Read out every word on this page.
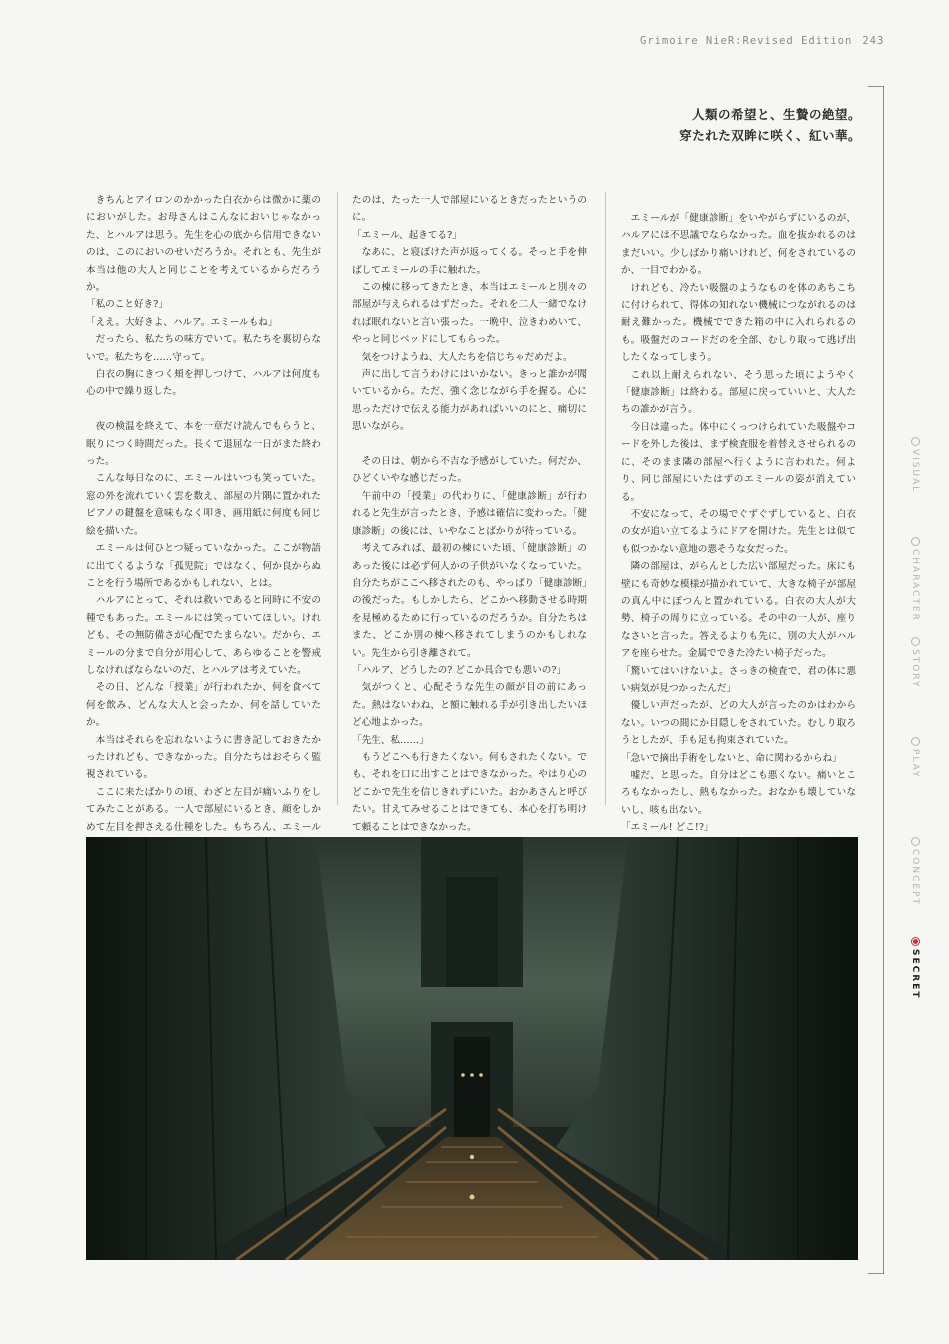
Grimoire NieR:Revised Edition 243
人類の希望と、生贄の絶望。
穿たれた双眸に咲く、紅い華。

きちんとアイロンのかかった白衣からは微かに薬のにおいがした。お母さんはこんなにおいじゃなかった、とハルアは思う。先生を心の底から信用できないのは、このにおいのせいだろうか。それとも、先生が本当は他の大人と同じことを考えているからだろうか。

「私のこと好き?」

「ええ。大好きよ、ハルア。エミールもね」

だったら、私たちの味方でいて。私たちを裏切らないで。私たちを……守って。

白衣の胸にきつく頬を押しつけて、ハルアは何度も心の中で繰り返した。

夜の検温を終えて、本を一章だけ読んでもらうと、眠りにつく時間だった。長くて退屈な一日がまた終わった。

こんな毎日なのに、エミールはいつも笑っていた。窓の外を流れていく雲を数え、部屋の片隅に置かれたピアノの鍵盤を意味もなく叩き、画用紙に何度も同じ絵を描いた。

エミールは何ひとつ疑っていなかった。ここが物語に出てくるような「孤児院」ではなく、何か良からぬことを行う場所であるかもしれない、とは。

ハルアにとって、それは救いであると同時に不安の種でもあった。エミールには笑っていてほしい。けれども、その無防備さが心配でたまらない。だから、エミールの分まで自分が用心して、あらゆることを警戒しなければならないのだ、とハルアは考えていた。

その日、どんな「授業」が行われたか、何を食べて何を飲み、どんな大人と会ったか、何を話していたか。

本当はそれらを忘れないように書き記しておきたかったけれども、できなかった。自分たちはおそらく監視されている。

ここに来たばかりの頃、わざと左目が痛いふりをしてみたことがある。一人で部屋にいるとき、顔をしかめて左目を押さえる仕種をした。もちろん、エミール

たのは、たった一人で部屋にいるときだったというのに。

「エミール、起きてる?」

なあに、と寝ぼけた声が返ってくる。そっと手を伸ばしてエミールの手に触れた。

この棟に移ってきたとき、本当はエミールと別々の部屋が与えられるはずだった。それを二人一緒でなければ眠れないと言い張った。一晩中、泣きわめいて、やっと同じベッドにしてもらった。

気をつけようね、大人たちを信じちゃだめだよ。

声に出して言うわけにはいかない。きっと誰かが聞いているから。ただ、強く念じながら手を握る。心に思っただけで伝える能力があればいいのにと、痛切に思いながら。

その日は、朝から不吉な予感がしていた。何だか、ひどくいやな感じだった。

午前中の「授業」の代わりに、「健康診断」が行われると先生が言ったとき、予感は確信に変わった。「健康診断」の後には、いやなことばかりが待っている。

考えてみれば、最初の棟にいた頃、「健康診断」のあった後には必ず何人かの子供がいなくなっていた。自分たちがここへ移されたのも、やっぱり「健康診断」の後だった。もしかしたら、どこかへ移動させる時期を見極めるために行っているのだろうか。自分たちはまた、どこか別の棟へ移されてしまうのかもしれない。先生から引き離されて。

「ハルア、どうしたの? どこか具合でも悪いの?」

気がつくと、心配そうな先生の顔が目の前にあった。熱はないわね、と額に触れる手が引き出したいほど心地よかった。

「先生、私……」

もうどこへも行きたくない。何もされたくない。でも、それを口に出すことはできなかった。やはり心のどこかで先生を信じきれずにいた。おかあさんと呼びたい。甘えてみせることはできても、本心を打ち明けて頼ることはできなかった。

エミールが「健康診断」をいやがらずにいるのが、ハルアには不思議でならなかった。血を抜かれるのはまだいい。少しばかり痛いけれど、何をされているのか、一目でわかる。

けれども、冷たい吸盤のようなものを体のあちこちに付けられて、得体の知れない機械につながれるのは耐え難かった。機械でできた箱の中に入れられるのも。吸盤だのコードだのを全部、むしり取って逃げ出したくなってしまう。

これ以上耐えられない、そう思った頃にようやく「健康診断」は終わる。部屋に戻っていいと、大人たちの誰かが言う。

今日は違った。体中にくっつけられていた吸盤やコードを外した後は、まず検査服を着替えさせられるのに、そのまま隣の部屋へ行くように言われた。何より、同じ部屋にいたはずのエミールの姿が消えている。

不安になって、その場でぐずぐずしていると、白衣の女が追い立てるようにドアを開けた。先生とは似ても似つかない意地の悪そうな女だった。

隣の部屋は、がらんとした広い部屋だった。床にも壁にも奇妙な模様が描かれていて、大きな椅子が部屋の真ん中にぽつんと置かれている。白衣の大人が大勢、椅子の周りに立っている。その中の一人が、座りなさいと言った。答えるよりも先に、別の大人がハルアを座らせた。金属でできた冷たい椅子だった。

「驚いてはいけないよ。さっきの検査で、君の体に悪い病気が見つかったんだ」

優しい声だったが、どの大人が言ったのかはわからない。いつの間にか目隠しをされていた。むしり取ろうとしたが、手も足も拘束されていた。

「急いで摘出手術をしないと、命に関わるからね」

嘘だ、と思った。自分はどこも悪くない。痛いところもなかったし、熱もなかった。おなかも壊していないし、咳も出ない。

「エミール! どこ!?」

VISUAL
CHARACTER
STORY
PLAY
CONCEPT
SECRET
